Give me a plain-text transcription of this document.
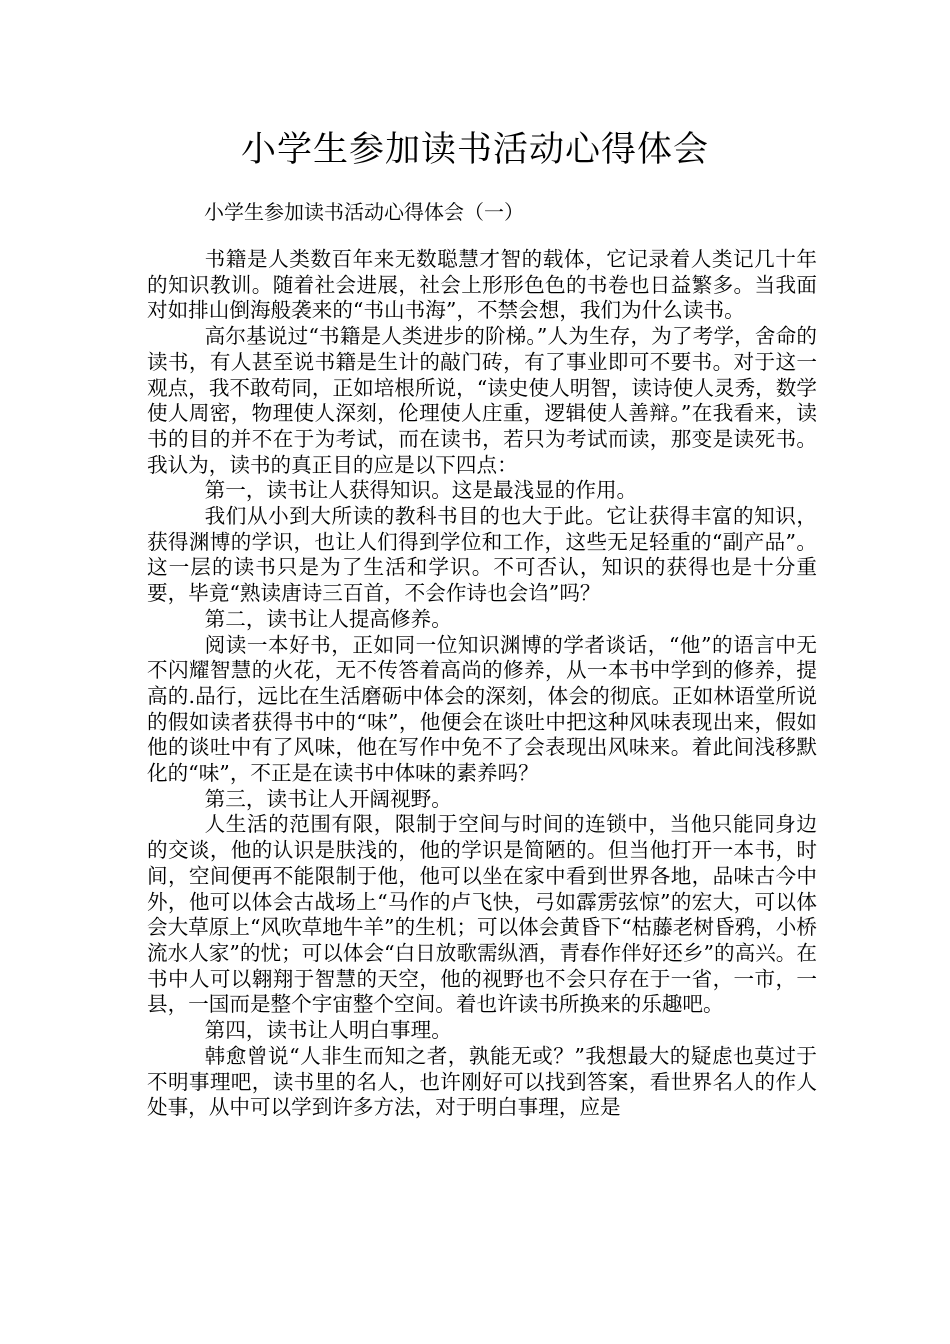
小学生参加读书活动心得体会
小学生参加读书活动心得体会（一）

书籍是人类数百年来无数聪慧才智的载体，它记录着人类记几十年的知识教训。随着社会进展，社会上形形色色的书卷也日益繁多。当我面对如排山倒海般袭来的“书山书海”，不禁会想，我们为什么读书。

高尔基说过“书籍是人类进步的阶梯。”人为生存，为了考学，舍命的读书，有人甚至说书籍是生计的敲门砖，有了事业即可不要书。对于这一观点，我不敢苟同，正如培根所说，“读史使人明智，读诗使人灵秀，数学使人周密，物理使人深刻，伦理使人庄重，逻辑使人善辩。”在我看来，读书的目的并不在于为考试，而在读书，若只为考试而读，那变是读死书。我认为，读书的真正目的应是以下四点：

第一，读书让人获得知识。这是最浅显的作用。

我们从小到大所读的教科书目的也大于此。它让获得丰富的知识，获得渊博的学识，也让人们得到学位和工作，这些无足轻重的“副产品”。这一层的读书只是为了生活和学识。不可否认，知识的获得也是十分重要，毕竟“熟读唐诗三百首，不会作诗也会诌”吗？

第二，读书让人提高修养。

阅读一本好书，正如同一位知识渊博的学者谈话，“他”的语言中无不闪耀智慧的火花，无不传答着高尚的修养，从一本书中学到的修养，提高的.品行，远比在生活磨砺中体会的深刻，体会的彻底。正如林语堂所说的假如读者获得书中的“味”，他便会在谈吐中把这种风味表现出来，假如他的谈吐中有了风味，他在写作中免不了会表现出风味来。着此间浅移默化的“味”，不正是在读书中体味的素养吗？

第三，读书让人开阔视野。

人生活的范围有限，限制于空间与时间的连锁中，当他只能同身边的交谈，他的认识是肤浅的，他的学识是简陋的。但当他打开一本书，时间，空间便再不能限制于他，他可以坐在家中看到世界各地，品味古今中外，他可以体会古战场上“马作的卢飞快，弓如霹雳弦惊”的宏大，可以体会大草原上“风吹草地牛羊”的生机；可以体会黄昏下“枯藤老树昏鸦，小桥流水人家”的忧；可以体会“白日放歌需纵酒，青春作伴好还乡”的高兴。在书中人可以翱翔于智慧的天空，他的视野也不会只存在于一省，一市，一县，一国而是整个宇宙整个空间。着也许读书所换来的乐趣吧。

第四，读书让人明白事理。

韩愈曾说“人非生而知之者，孰能无或？”我想最大的疑虑也莫过于不明事理吧，读书里的名人，也许刚好可以找到答案，看世界名人的作人处事，从中可以学到许多方法，对于明白事理，应是
